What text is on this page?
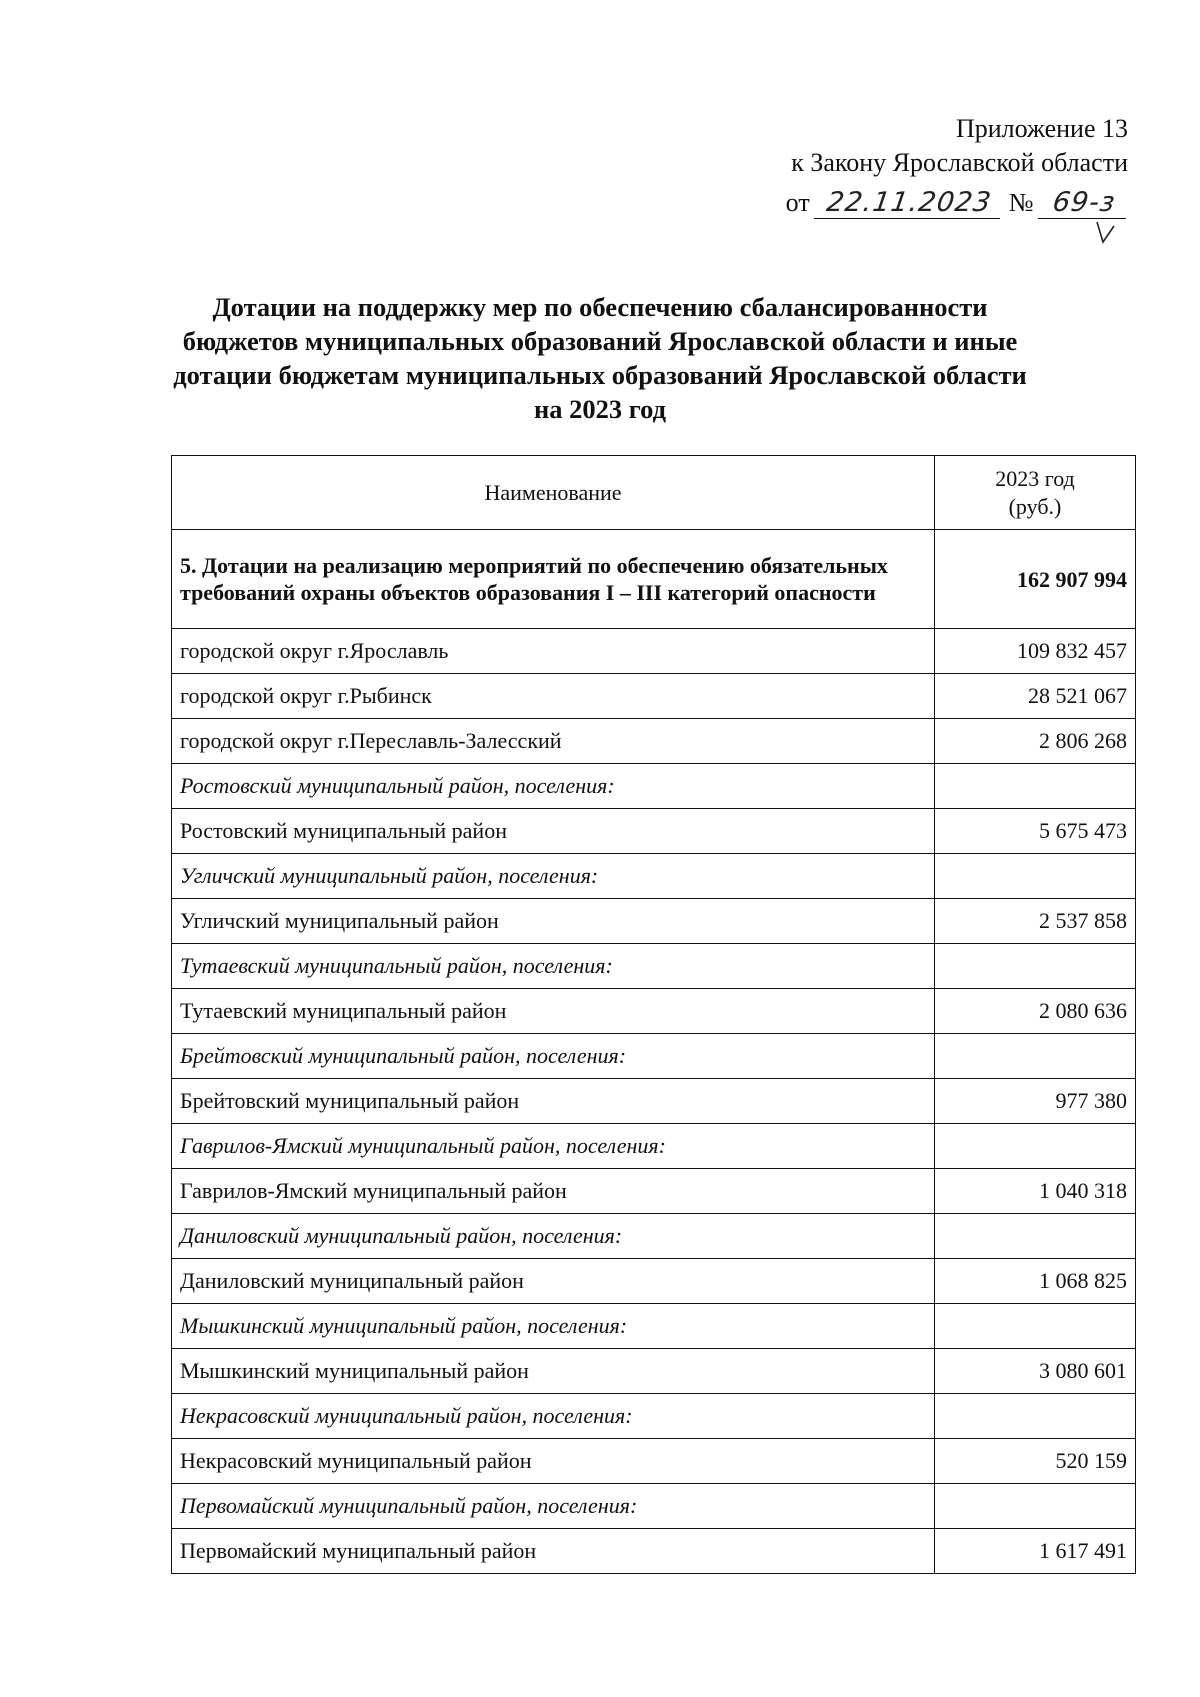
Приложение 13
к Закону Ярославской области
от 22.11.2023 № 69-з
Дотации на поддержку мер по обеспечению сбалансированности
бюджетов муниципальных образований Ярославской области и иные
дотации бюджетам муниципальных образований Ярославской области
на 2023 год
Наименование	2023 год
(руб.)

5. Дотации на реализацию мероприятий по обеспечению обязательных требований охраны объектов образования I – III категорий опасности	162 907 994
городской округ г.Ярославль	109 832 457
городской округ г.Рыбинск	28 521 067
городской округ г.Переславль-Залесский	2 806 268
Ростовский муниципальный район, поселения:	
Ростовский муниципальный район	5 675 473
Угличский муниципальный район, поселения:	
Угличский муниципальный район	2 537 858
Тутаевский муниципальный район, поселения:	
Тутаевский муниципальный район	2 080 636
Брейтовский муниципальный район, поселения:	
Брейтовский муниципальный район	977 380
Гаврилов-Ямский муниципальный район, поселения:	
Гаврилов-Ямский муниципальный район	1 040 318
Даниловский муниципальный район, поселения:	
Даниловский муниципальный район	1 068 825
Мышкинский муниципальный район, поселения:	
Мышкинский муниципальный район	3 080 601
Некрасовский муниципальный район, поселения:	
Некрасовский муниципальный район	520 159
Первомайский муниципальный район, поселения:	
Первомайский муниципальный район	1 617 491
